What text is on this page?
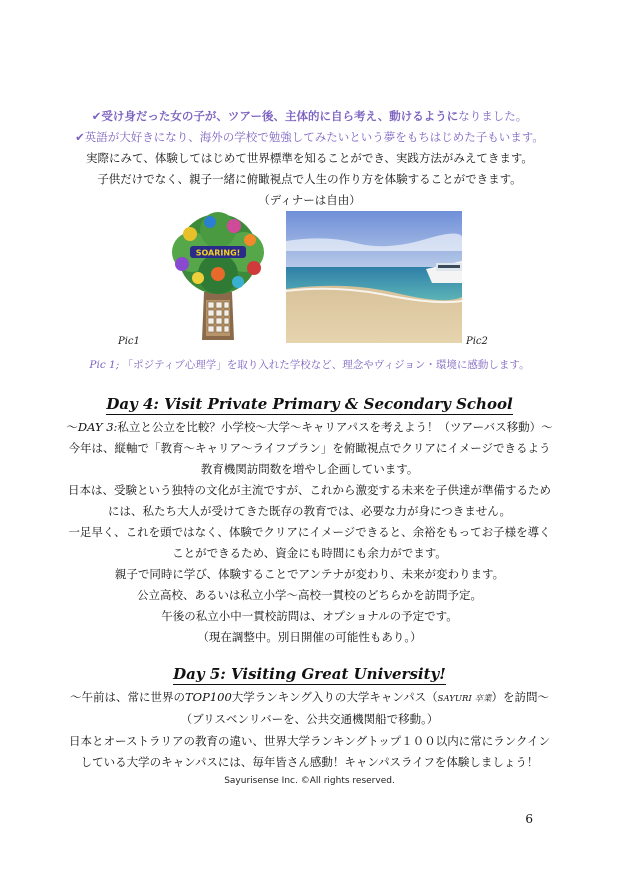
✔受け身だった女の子が、ツアー後、主体的に自ら考え、動けるようになりました。
✔英語が大好きになり、海外の学校で勉強してみたいという夢をもちはじめた子もいます。
実際にみて、体験してはじめて世界標準を知ることができ、実践方法がみえてきます。
子供だけでなく、親子一緒に俯瞰視点で人生の作り方を体験することができます。
（ディナーは自由）
SOARING!
Pic1	Pic2
Pic 1; 「ポジティブ心理学」を取り入れた学校など、理念やヴィジョン・環境に感動します。
Day 4: Visit Private Primary & Secondary School
～DAY 3:私立と公立を比較？小学校～大学～キャリアパスを考えよう！（ツアーバス移動）～
今年は、縦軸で「教育～キャリア～ライフプラン」を俯瞰視点でクリアにイメージできるよう
教育機関訪問数を増やし企画しています。
日本は、受験という独特の文化が主流ですが、これから激変する未来を子供達が準備するため
には、私たち大人が受けてきた既存の教育では、必要な力が身につきません。
一足早く、これを頭ではなく、体験でクリアにイメージできると、余裕をもってお子様を導く
ことができるため、資金にも時間にも余力がでます。
親子で同時に学び、体験することでアンテナが変わり、未来が変わります。
公立高校、あるいは私立小学～高校一貫校のどちらかを訪問予定。
午後の私立小中一貫校訪問は、オプショナルの予定です。
（現在調整中。別日開催の可能性もあり。）
Day 5: Visiting Great University!
～午前は、常に世界のTOP100大学ランキング入りの大学キャンパス（SAYURI 卒業）を訪問～
（ブリスベンリバーを、公共交通機関船で移動。）
日本とオーストラリアの教育の違い、世界大学ランキングトップ１００以内に常にランクイン
している大学のキャンパスには、毎年皆さん感動！キャンパスライフを体験しましょう！
Sayurisense Inc. ©All rights reserved.
6
